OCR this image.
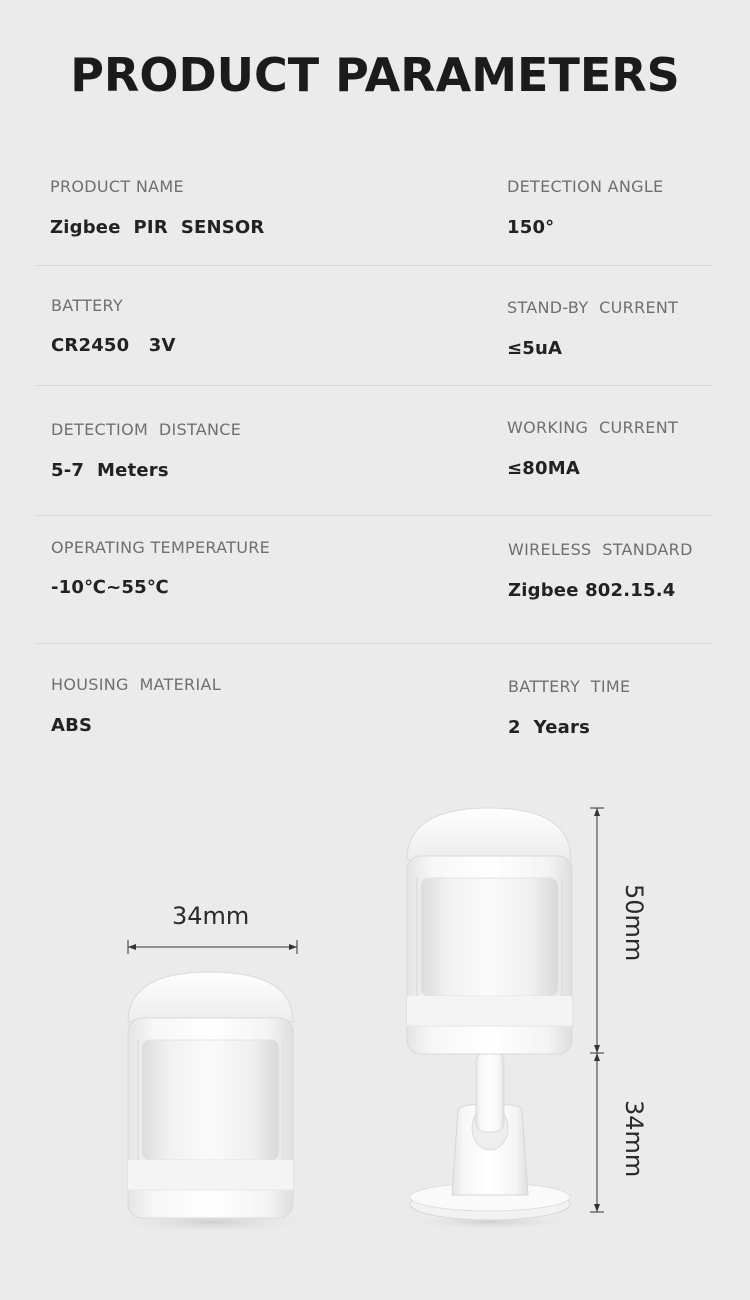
PRODUCT PARAMETERS
PRODUCT NAME
Zigbee  PIR  SENSOR
DETECTION ANGLE
150°
BATTERY
CR2450   3V
STAND-BY  CURRENT
≤5uA
DETECTIOM  DISTANCE
5-7  Meters
WORKING  CURRENT
≤80MA
OPERATING TEMPERATURE
-10℃~55℃
WIRELESS  STANDARD
Zigbee 802.15.4
HOUSING  MATERIAL
ABS
BATTERY  TIME
2  Years
34mm	50mm
34mm
